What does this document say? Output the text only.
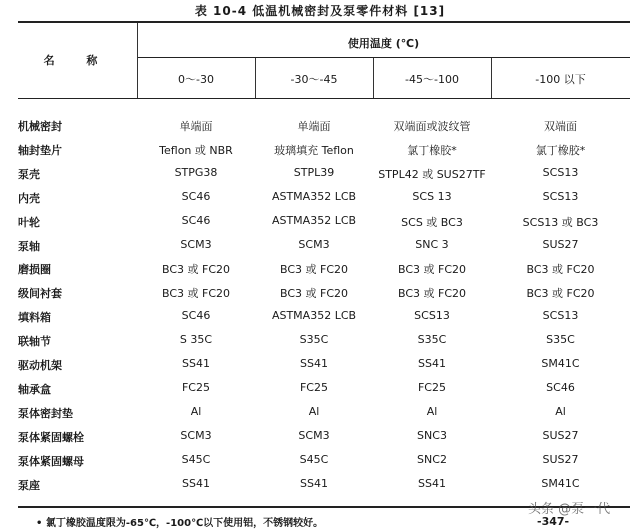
表 10-4 低温机械密封及泵零件材料 [13]
名 称
使用温度 (℃)
0～-30	-30～-45	-45～-100	-100 以下
机械密封	单端面	单端面	双端面或波纹管	双端面
轴封垫片	Teflon 或 NBR	玻璃填充 Teflon	氯丁橡胶*	氯丁橡胶*
泵壳	STPG38	STPL39	STPL42 或 SUS27TF	SCS13
内壳	SC46	ASTMA352 LCB	SCS 13	SCS13
叶轮	SC46	ASTMA352 LCB	SCS 或 BC3	SCS13 或 BC3
泵轴	SCM3	SCM3	SNC 3	SUS27
磨损圈	BC3 或 FC20	BC3 或 FC20	BC3 或 FC20	BC3 或 FC20
级间衬套	BC3 或 FC20	BC3 或 FC20	BC3 或 FC20	BC3 或 FC20
填料箱	SC46	ASTMA352 LCB	SCS13	SCS13
联轴节	S 35C	S35C	S35C	S35C
驱动机架	SS41	SS41	SS41	SM41C
轴承盒	FC25	FC25	FC25	SC46
泵体密封垫	Al	Al	Al	Al
泵体紧固螺栓	SCM3	SCM3	SNC3	SUS27
泵体紧固螺母	S45C	S45C	SNC2	SUS27
泵座	SS41	SS41	SS41	SM41C
• 氯丁橡胶温度限为-65℃，-100℃以下使用铝，不锈钢较好。	-347-
头条 @泵一代
